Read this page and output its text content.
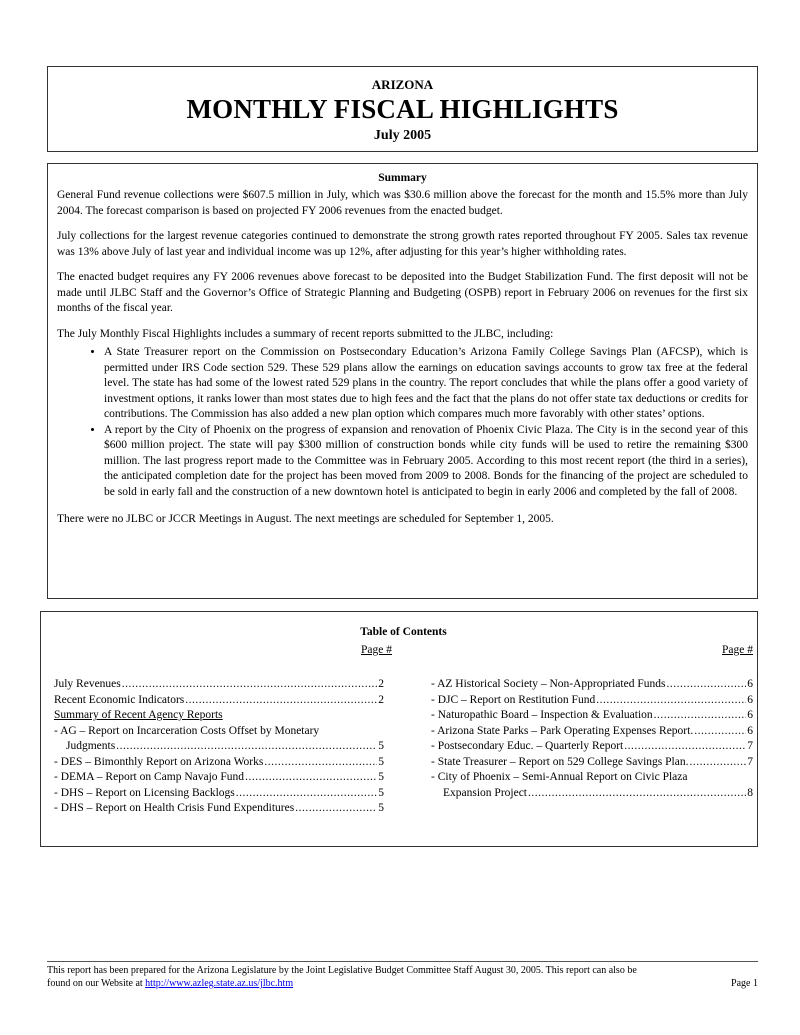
ARIZONA
MONTHLY FISCAL HIGHLIGHTS
July 2005
Summary

General Fund revenue collections were $607.5 million in July, which was $30.6 million above the forecast for the month and 15.5% more than July 2004. The forecast comparison is based on projected FY 2006 revenues from the enacted budget.

July collections for the largest revenue categories continued to demonstrate the strong growth rates reported throughout FY 2005. Sales tax revenue was 13% above July of last year and individual income was up 12%, after adjusting for this year’s higher withholding rates.

The enacted budget requires any FY 2006 revenues above forecast to be deposited into the Budget Stabilization Fund. The first deposit will not be made until JLBC Staff and the Governor’s Office of Strategic Planning and Budgeting (OSPB) report in February 2006 on revenues for the first six months of the fiscal year.

The July Monthly Fiscal Highlights includes a summary of recent reports submitted to the JLBC, including:

• A State Treasurer report on the Commission on Postsecondary Education’s Arizona Family College Savings Plan (AFCSP), which is permitted under IRS Code section 529. These 529 plans allow the earnings on education savings accounts to grow tax free at the federal level. The state has had some of the lowest rated 529 plans in the country. The report concludes that while the plans offer a good variety of investment options, it ranks lower than most states due to high fees and the fact that the plans do not offer state tax deductions or credits for contributions. The Commission has also added a new plan option which compares much more favorably with other states’ options.
• A report by the City of Phoenix on the progress of expansion and renovation of Phoenix Civic Plaza. The City is in the second year of this $600 million project. The state will pay $300 million of construction bonds while city funds will be used to retire the remaining $300 million. The last progress report made to the Committee was in February 2005. According to this most recent report (the third in a series), the anticipated completion date for the project has been moved from 2009 to 2008. Bonds for the financing of the project are scheduled to be sold in early fall and the construction of a new downtown hotel is anticipated to begin in early 2006 and completed by the fall of 2008.

There were no JLBC or JCCR Meetings in August. The next meetings are scheduled for September 1, 2005.

Table of Contents
Page #
July Revenues .....	2
Recent Economic Indicators .....	2
Summary of Recent Agency Reports
- AG – Report on Incarceration Costs Offset by Monetary
Judgments .....	5
- DES – Bimonthly Report on Arizona Works .....	5
- DEMA – Report on Camp Navajo Fund .....	5
- DHS – Report on Licensing Backlogs .....	5
- DHS – Report on Health Crisis Fund Expenditures .....	5
Page #
- AZ Historical Society – Non-Appropriated Funds .....	6
- DJC – Report on Restitution Fund .....	6
- Naturopathic Board – Inspection & Evaluation .....	6
- Arizona State Parks – Park Operating Expenses Report. .....	6
- Postsecondary Educ. – Quarterly Report .....	7
- State Treasurer – Report on 529 College Savings Plan. .....	7
- City of Phoenix – Semi-Annual Report on Civic Plaza
Expansion Project .....	8
This report has been prepared for the Arizona Legislature by the Joint Legislative Budget Committee Staff August 30, 2005. This report can also be
found on our Website at http://www.azleg.state.az.us/jlbc.htm	Page 1
